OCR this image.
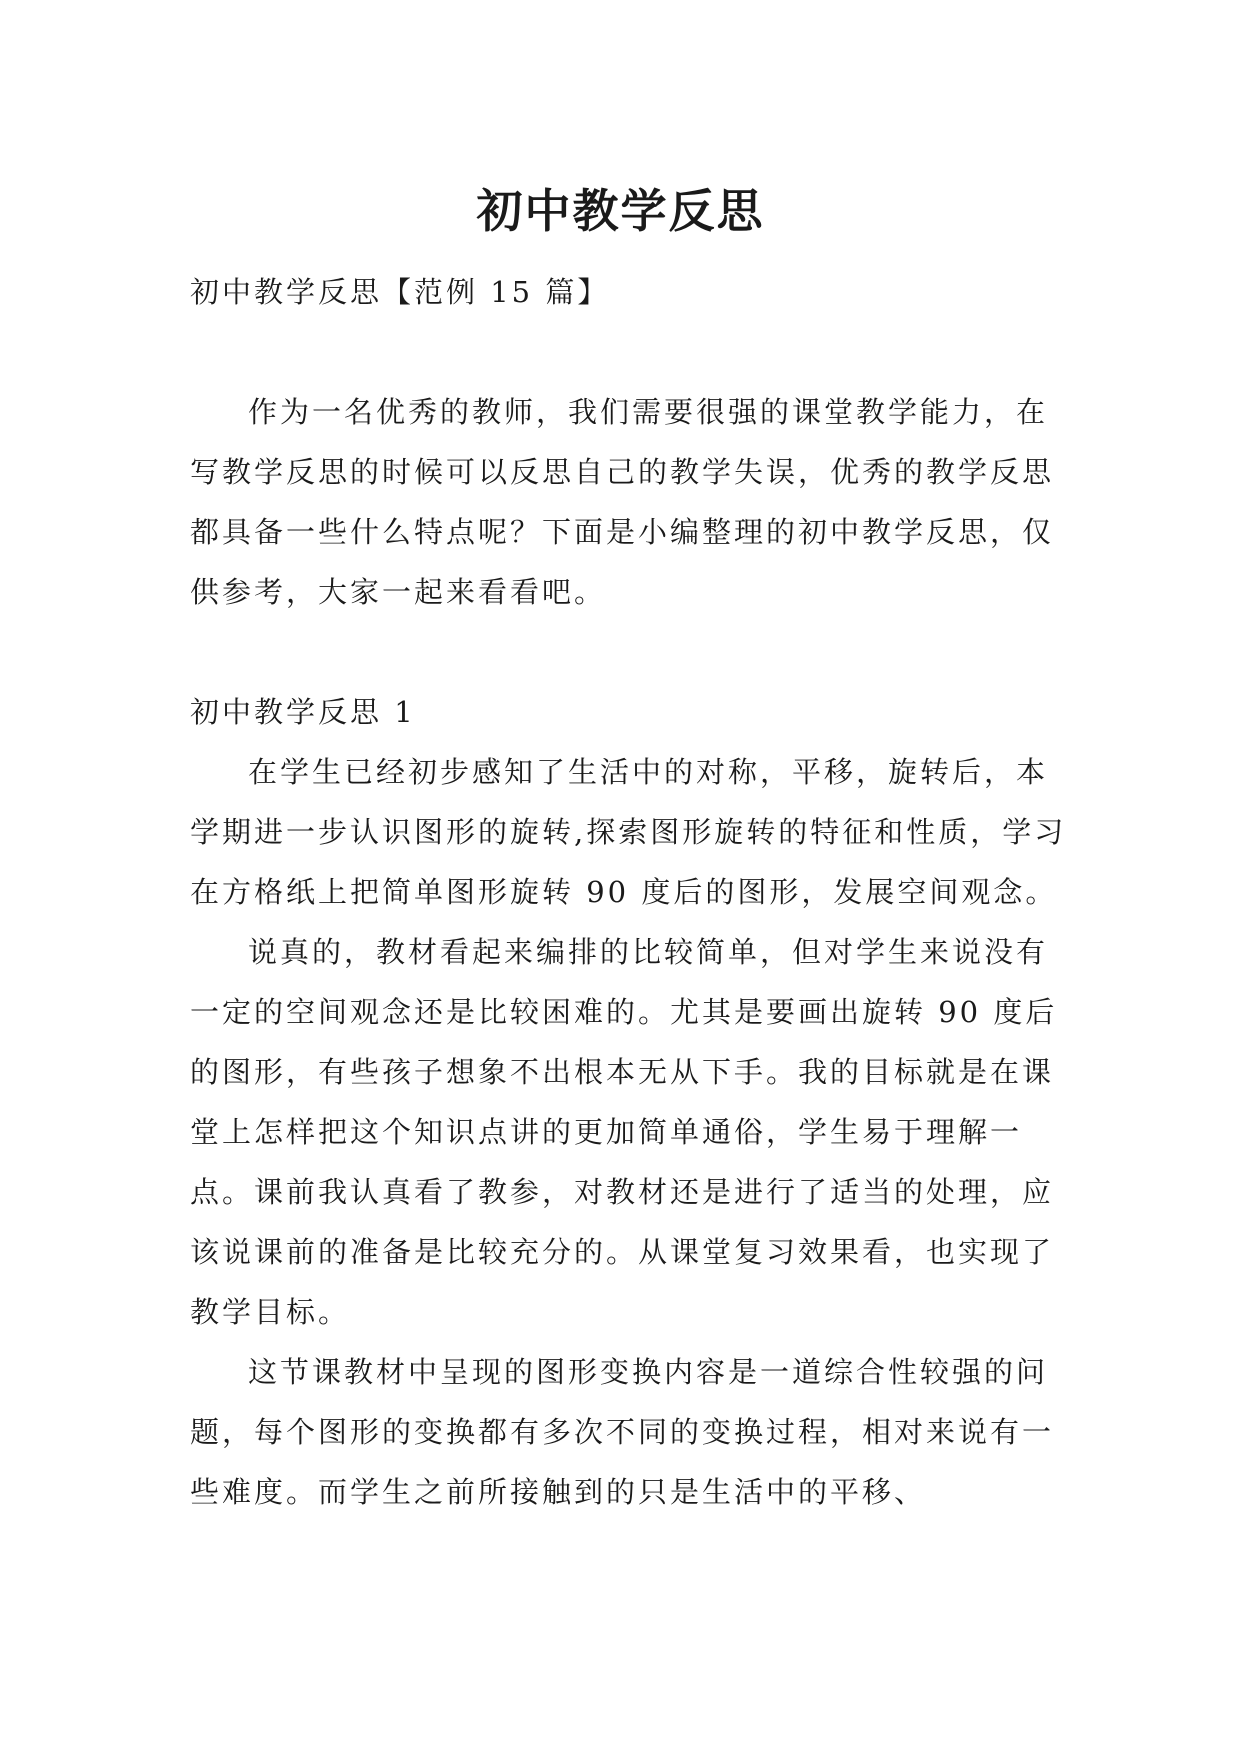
初中教学反思

初中教学反思【范例 15 篇】

作为一名优秀的教师，我们需要很强的课堂教学能力，在写教学反思的时候可以反思自己的教学失误，优秀的教学反思都具备一些什么特点呢？下面是小编整理的初中教学反思，仅供参考，大家一起来看看吧。

初中教学反思 1

在学生已经初步感知了生活中的对称，平移，旋转后，本学期进一步认识图形的旋转,探索图形旋转的特征和性质，学习在方格纸上把简单图形旋转 90 度后的图形，发展空间观念。

说真的，教材看起来编排的比较简单，但对学生来说没有一定的空间观念还是比较困难的。尤其是要画出旋转 90 度后的图形，有些孩子想象不出根本无从下手。我的目标就是在课堂上怎样把这个知识点讲的更加简单通俗，学生易于理解一点。课前我认真看了教参，对教材还是进行了适当的处理，应该说课前的准备是比较充分的。从课堂复习效果看，也实现了教学目标。

这节课教材中呈现的图形变换内容是一道综合性较强的问题，每个图形的变换都有多次不同的变换过程，相对来说有一些难度。而学生之前所接触到的只是生活中的平移、
